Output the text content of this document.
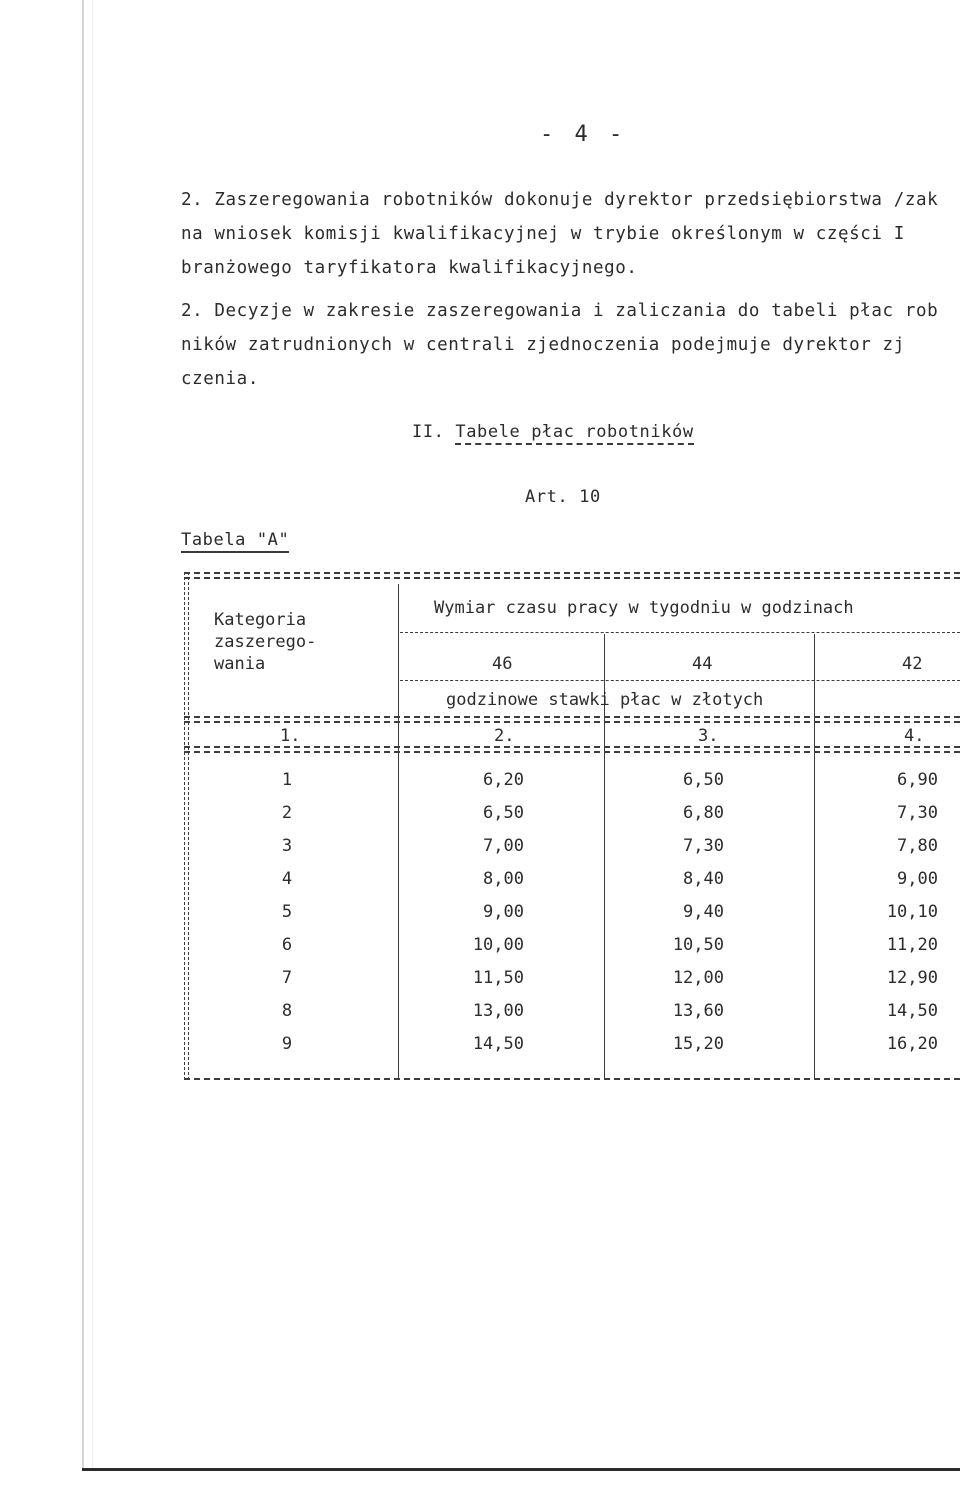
- 4 -
2. Zaszeregowania robotników dokonuje dyrektor przedsiębiorstwa /zak
na wniosek komisji kwalifikacyjnej w trybie określonym w części I
branżowego taryfikatora kwalifikacyjnego.
2. Decyzje w zakresie zaszeregowania i zaliczania do tabeli płac rob
ników zatrudnionych w centrali zjednoczenia podejmuje dyrektor zj
czenia.
II. Tabele płac robotników
Art. 10
Tabela "A"
Kategoria
zaszerego-
wania
Wymiar czasu pracy w tygodniu w godzinach
46	44	42
godzinowe stawki płac w złotych
1.	2.	3.	4.
1	6,20	6,50	6,90
2	6,50	6,80	7,30
3	7,00	7,30	7,80
4	8,00	8,40	9,00
5	9,00	9,40	10,10
6	10,00	10,50	11,20
7	11,50	12,00	12,90
8	13,00	13,60	14,50
9	14,50	15,20	16,20
